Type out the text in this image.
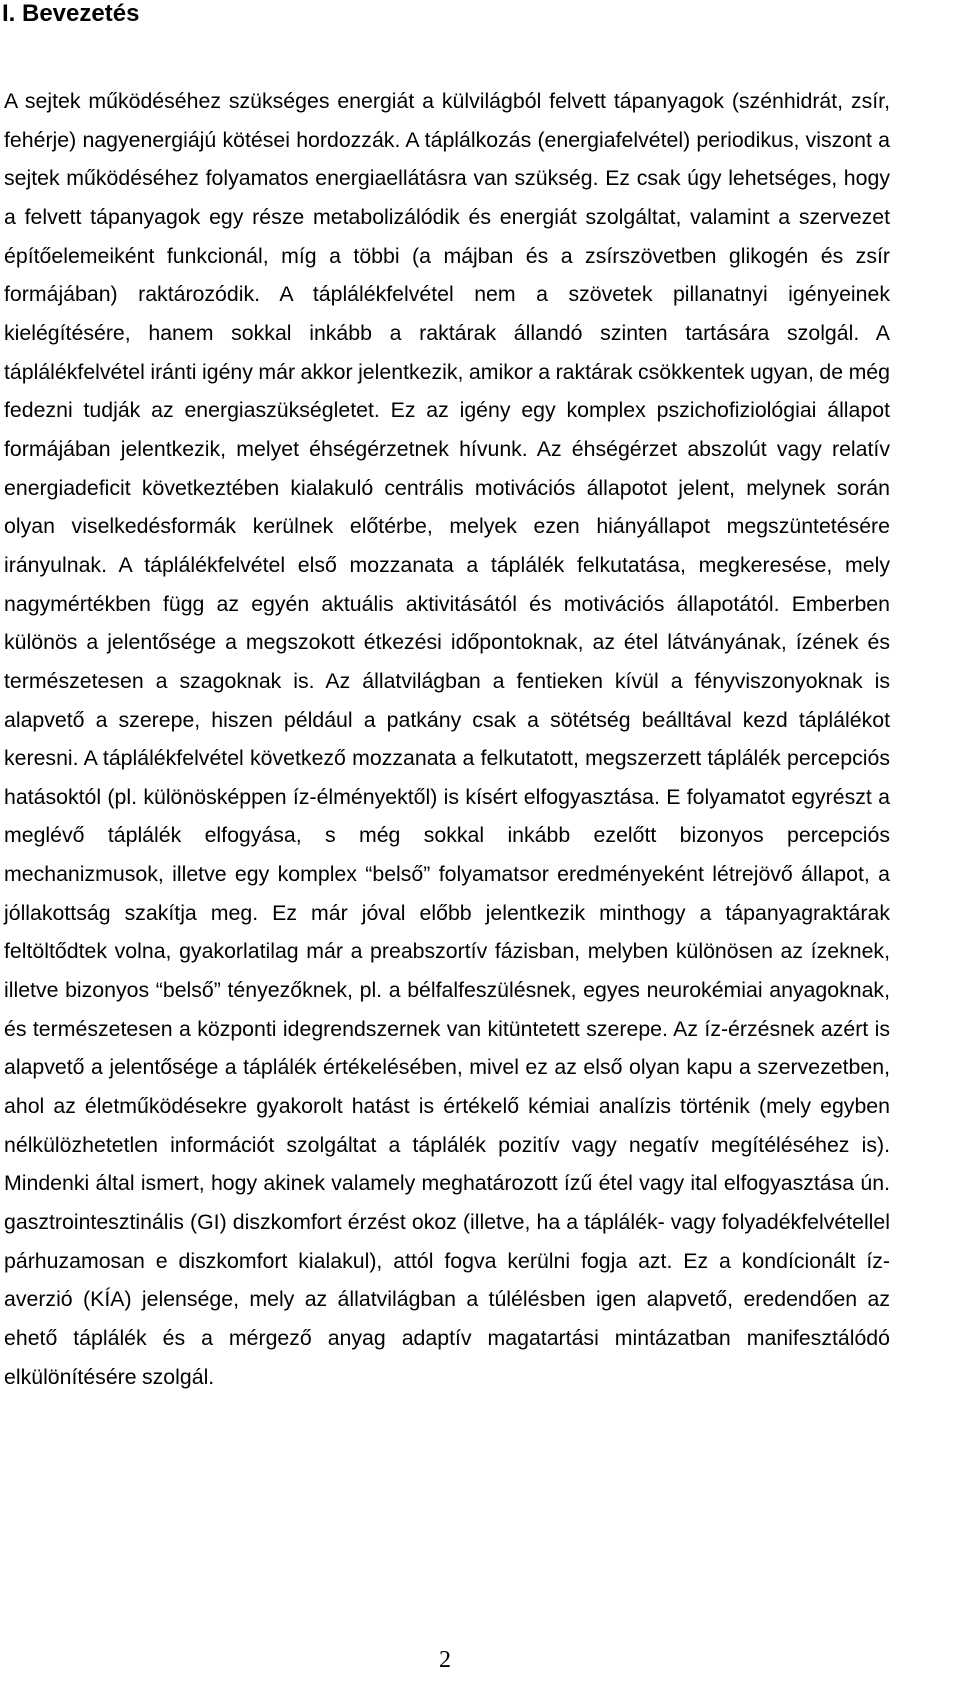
I. Bevezetés

A sejtek működéséhez szükséges energiát a külvilágból felvett tápanyagok (szénhidrát, zsír, fehérje) nagyenergiájú kötései hordozzák. A táplálkozás (energiafelvétel) periodikus, viszont a sejtek működéséhez folyamatos energiaellátásra van szükség. Ez csak úgy lehetséges, hogy a felvett tápanyagok egy része metabolizálódik és energiát szolgáltat, valamint a szervezet építőelemeiként funkcionál, míg a többi (a májban és a zsírszövetben glikogén és zsír formájában) raktározódik. A táplálékfelvétel nem a szövetek pillanatnyi igényeinek kielégítésére, hanem sokkal inkább a raktárak állandó szinten tartására szolgál. A táplálékfelvétel iránti igény már akkor jelentkezik, amikor a raktárak csökkentek ugyan, de még fedezni tudják az energiaszükségletet. Ez az igény egy komplex pszichofiziológiai állapot formájában jelentkezik, melyet éhségérzetnek hívunk. Az éhségérzet abszolút vagy relatív energiadeficit következtében kialakuló centrális motivációs állapotot jelent, melynek során olyan viselkedésformák kerülnek előtérbe, melyek ezen hiányállapot megszüntetésére irányulnak. A táplálékfelvétel első mozzanata a táplálék felkutatása, megkeresése, mely nagymértékben függ az egyén aktuális aktivitásától és motivációs állapotától. Emberben különös a jelentősége a megszokott étkezési időpontoknak, az étel látványának, ízének és természetesen a szagoknak is. Az állatvilágban a fentieken kívül a fényviszonyoknak is alapvető a szerepe, hiszen például a patkány csak a sötétség beálltával kezd táplálékot keresni. A táplálékfelvétel következő mozzanata a felkutatott, megszerzett táplálék percepciós hatásoktól (pl. különösképpen íz-élményektől) is kísért elfogyasztása. E folyamatot egyrészt a meglévő táplálék elfogyása, s még sokkal inkább ezelőtt bizonyos percepciós mechanizmusok, illetve egy komplex “belső” folyamatsor eredményeként létrejövő állapot, a jóllakottság szakítja meg. Ez már jóval előbb jelentkezik minthogy a tápanyagraktárak feltöltődtek volna, gyakorlatilag már a preabszortív fázisban, melyben különösen az ízeknek, illetve bizonyos “belső” tényezőknek, pl. a bélfalfeszülésnek, egyes neurokémiai anyagoknak, és természetesen a központi idegrendszernek van kitüntetett szerepe. Az íz-érzésnek azért is alapvető a jelentősége a táplálék értékelésében, mivel ez az első olyan kapu a szervezetben, ahol az életműködésekre gyakorolt hatást is értékelő kémiai analízis történik (mely egyben nélkülözhetetlen információt szolgáltat a táplálék pozitív vagy negatív megítéléséhez is). Mindenki által ismert, hogy akinek valamely meghatározott ízű étel vagy ital elfogyasztása ún. gasztrointesztinális (GI) diszkomfort érzést okoz (illetve, ha a táplálék- vagy folyadékfelvétellel párhuzamosan e diszkomfort kialakul), attól fogva kerülni fogja azt. Ez a kondícionált íz-averzió (KÍA) jelensége, mely az állatvilágban a túlélésben igen alapvető, eredendően az ehető táplálék és a mérgező anyag adaptív magatartási mintázatban manifesztálódó elkülönítésére szolgál.

2
